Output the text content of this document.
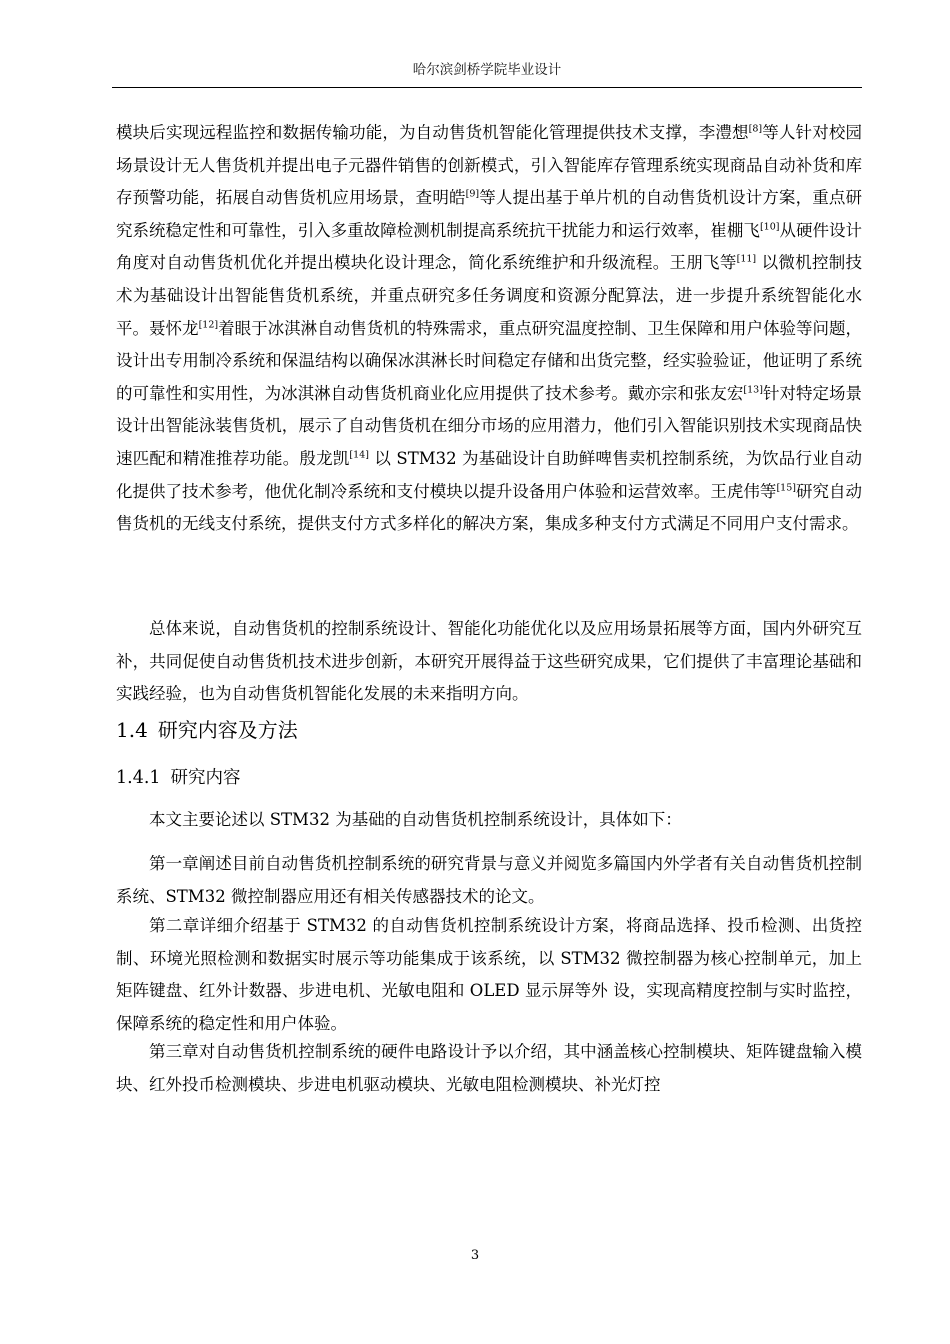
哈尔滨剑桥学院毕业设计

模块后实现远程监控和数据传输功能，为自动售货机智能化管理提供技术支撑，李澧想[8]等人针对校园场景设计无人售货机并提出电子元器件销售的创新模式，引入智能库存管理系统实现商品自动补货和库存预警功能，拓展自动售货机应用场景，查明皓[9]等人提出基于单片机的自动售货机设计方案，重点研究系统稳定性和可靠性，引入多重故障检测机制提高系统抗干扰能力和运行效率，崔棚飞[10]从硬件设计角度对自动售货机优化并提出模块化设计理念，简化系统维护和升级流程。王朋飞等[11] 以微机控制技术为基础设计出智能售货机系统，并重点研究多任务调度和资源分配算法，进一步提升系统智能化水平。聂怀龙[12]着眼于冰淇淋自动售货机的特殊需求，重点研究温度控制、卫生保障和用户体验等问题，设计出专用制冷系统和保温结构以确保冰淇淋长时间稳定存储和出货完整，经实验验证，他证明了系统的可靠性和实用性，为冰淇淋自动售货机商业化应用提供了技术参考。戴亦宗和张友宏[13]针对特定场景设计出智能泳装售货机，展示了自动售货机在细分市场的应用潜力，他们引入智能识别技术实现商品快速匹配和精准推荐功能。殷龙凯[14] 以 STM32 为基础设计自助鲜啤售卖机控制系统，为饮品行业自动化提供了技术参考，他优化制冷系统和支付模块以提升设备用户体验和运营效率。王虎伟等[15]研究自动售货机的无线支付系统，提供支付方式多样化的解决方案，集成多种支付方式满足不同用户支付需求。

总体来说，自动售货机的控制系统设计、智能化功能优化以及应用场景拓展等方面，国内外研究互补，共同促使自动售货机技术进步创新，本研究开展得益于这些研究成果，它们提供了丰富理论基础和实践经验，也为自动售货机智能化发展的未来指明方向。

1.4 研究内容及方法
1.4.1 研究内容

本文主要论述以 STM32 为基础的自动售货机控制系统设计，具体如下：

第一章阐述目前自动售货机控制系统的研究背景与意义并阅览多篇国内外学者有关自动售货机控制系统、STM32 微控制器应用还有相关传感器技术的论文。

第二章详细介绍基于 STM32 的自动售货机控制系统设计方案，将商品选择、投币检测、出货控制、环境光照检测和数据实时展示等功能集成于该系统，以 STM32 微控制器为核心控制单元，加上矩阵键盘、红外计数器、步进电机、光敏电阻和 OLED 显示屏等外 设，实现高精度控制与实时监控，保障系统的稳定性和用户体验。

第三章对自动售货机控制系统的硬件电路设计予以介绍，其中涵盖核心控制模块、矩阵键盘输入模块、红外投币检测模块、步进电机驱动模块、光敏电阻检测模块、补光灯控

3
